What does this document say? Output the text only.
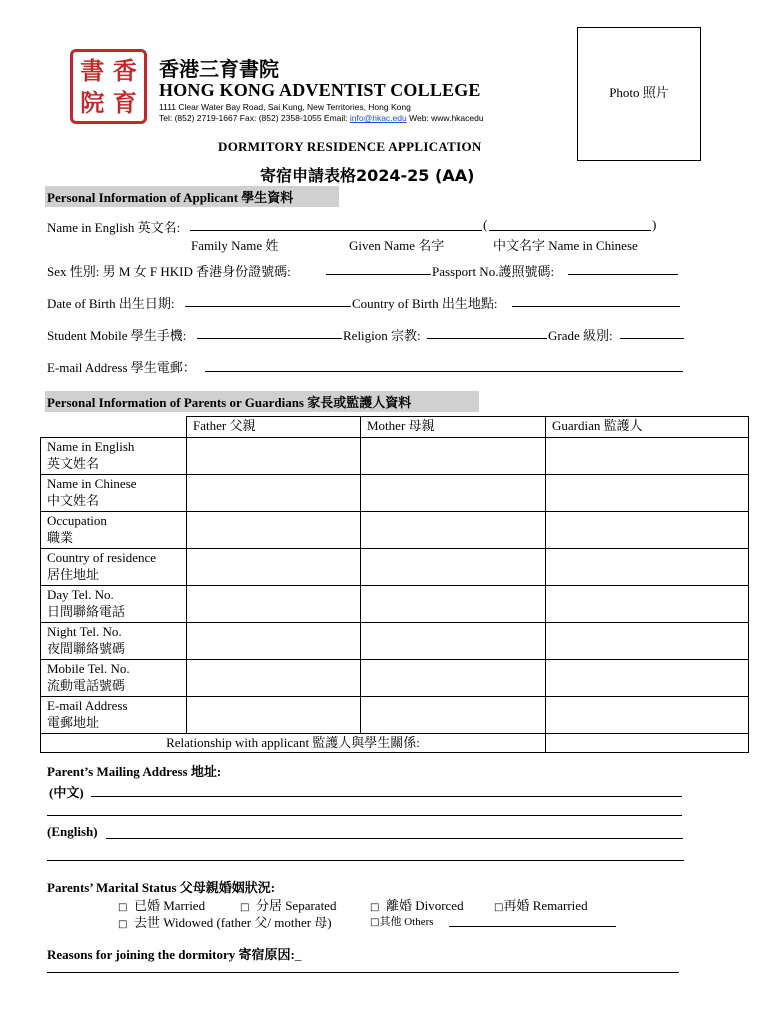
書 香
院 育
香港三育書院
HONG KONG ADVENTIST COLLEGE
1111 Clear Water Bay Road, Sai Kung, New Territories, Hong Kong
Tel: (852) 2719-1667 Fax: (852) 2358-1055 Email: info@hkac.edu Web: www.hkacedu
Photo 照片
DORMITORY RESIDENCE APPLICATION
寄宿申請表格2024-25 (AA)
Personal Information of Applicant 學生資料
Name in English 英文名:	(	)
Family Name 姓	Given Name 名字	中文名字 Name in Chinese
Sex 性別: 男 M 女 F HKID 香港身份證號碼:	Passport No.護照號碼:
Date of Birth 出生日期:	Country of Birth 出生地點:
Student Mobile 學生手機:	Religion 宗教:	Grade 級別:
E-mail Address 學生電郵：
Personal Information of Parents or Guardians 家長或監護人資料
	Father 父親	Mother 母親	Guardian 監護人

Name in English
英文姓名			

Name in Chinese
中文姓名			

Occupation
職業			

Country of residence
居住地址			

Day Tel. No.
日間聯絡電話			

Night Tel. No.
夜間聯絡號碼			

Mobile Tel. No.
流動電話號碼			

E-mail Address
電郵地址			

Relationship with applicant 監護人與學生關係:			
Parent’s Mailing Address 地址:
(中文)
(English)
Parents’ Marital Status 父母親婚姻狀況:
□ 已婚 Married	□ 分居 Separated	□ 離婚 Divorced	□再婚 Remarried
□ 去世 Widowed (father 父/ mother 母)	□其他 Others
Reasons for joining the dormitory 寄宿原因:_
